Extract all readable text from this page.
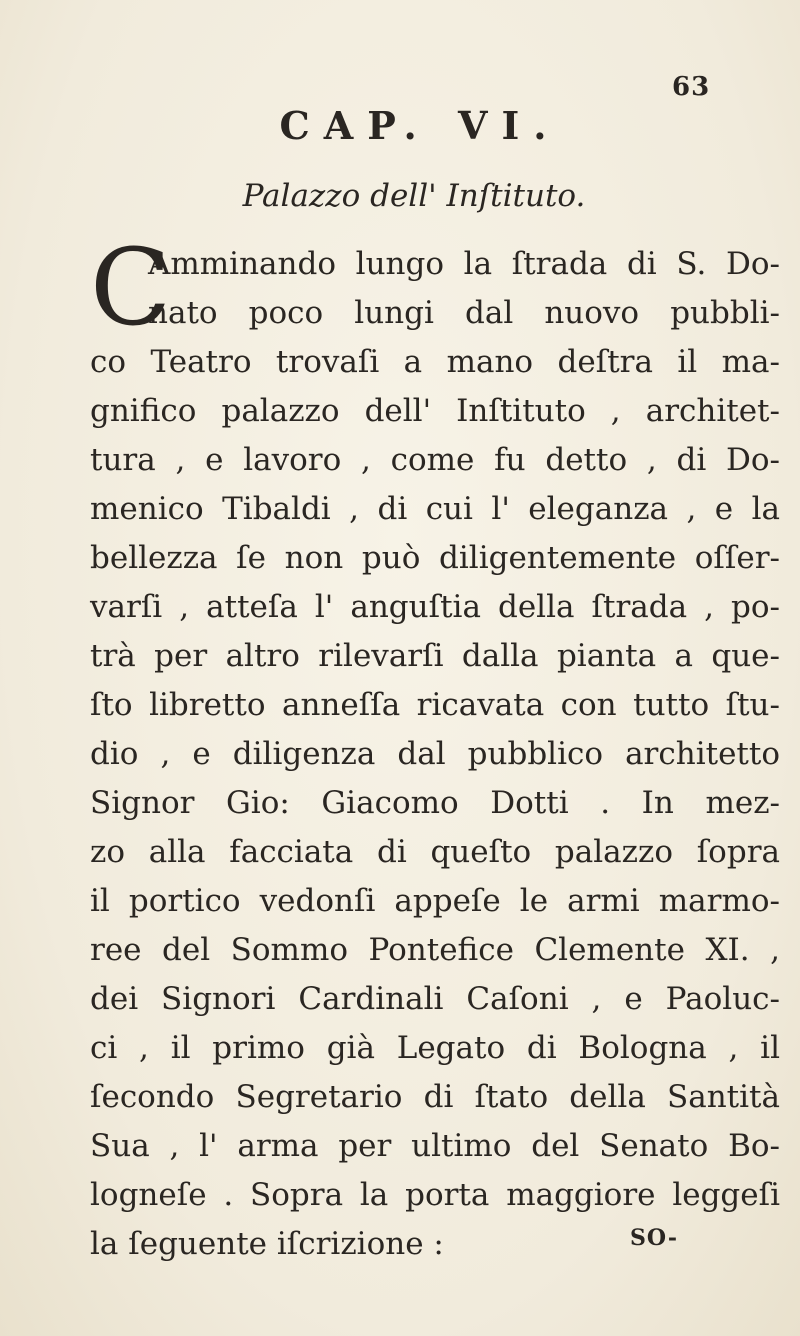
63
CAP. VI.
Palazzo dell' Inſtituto.
C
Amminando lungo la ſtrada di S. Do-
nato poco lungi dal nuovo pubbli-
co Teatro trovaſi a mano deſtra il ma-
gnifico palazzo dell' Inſtituto , architet-
tura , e lavoro , come fu detto , di Do-
menico Tibaldi , di cui l' eleganza , e la
bellezza ſe non può diligentemente oſſer-
varſi , atteſa l' anguſtia della ſtrada , po-
trà per altro rilevarſi dalla pianta a que-
ſto libretto anneſſa ricavata con tutto ſtu-
dio , e diligenza dal pubblico architetto
Signor Gio: Giacomo Dotti . In mez-
zo alla facciata di queſto palazzo ſopra
il portico vedonſi appeſe le armi marmo-
ree del Sommo Pontefice Clemente XI. ,
dei Signori Cardinali Caſoni , e Paoluc-
ci , il primo già Legato di Bologna , il
ſecondo Segretario di ſtato della Santità
Sua , l' arma per ultimo del Senato Bo-
logneſe . Sopra la porta maggiore leggeſi
la ſeguente iſcrizione :	SO-
